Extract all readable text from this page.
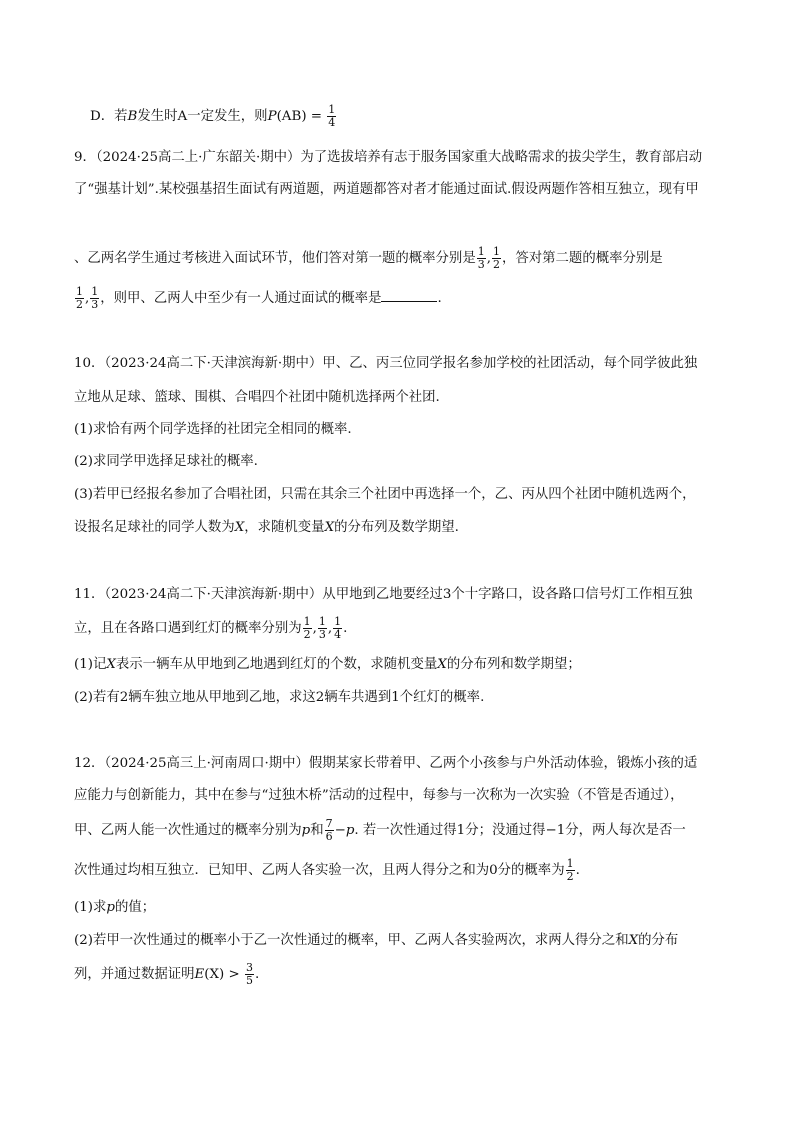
D．若B发生时A一定发生，则$P(AB) = \frac{1}{4}$
9．（2024·25高二上·广东韶关·期中）为了选拔培养有志于服务国家重大战略需求的拔尖学生，教育部启动
了“强基计划”.某校强基招生面试有两道题，两道题都答对者才能通过面试.假设两题作答相互独立，现有甲
、乙两名学生通过考核进入面试环节，他们答对第一题的概率分别是 $\frac{1}{3}$ , $\frac{1}{2}$ ，答对第二题的概率分别是
$\frac{1}{2}$ , $\frac{1}{3}$ ，则甲、乙两人中至少有一人通过面试的概率是	.
10．（2023·24高二下·天津滨海新·期中）甲、乙、丙三位同学报名参加学校的社团活动，每个同学彼此独
立地从足球、篮球、围棋、合唱四个社团中随机选择两个社团.
(1)求恰有两个同学选择的社团完全相同的概率.
(2)求同学甲选择足球社的概率.
(3)若甲已经报名参加了合唱社团，只需在其余三个社团中再选择一个，乙、丙从四个社团中随机选两个，
设报名足球社的同学人数为X，求随机变量X的分布列及数学期望.
11．（2023·24高二下·天津滨海新·期中）从甲地到乙地要经过3个十字路口，设各路口信号灯工作相互独
立，且在各路口遇到红灯的概率分别为 $\frac{1}{2}$ , $\frac{1}{3}$ , $\frac{1}{4}$ .
(1)记X表示一辆车从甲地到乙地遇到红灯的个数，求随机变量X的分布列和数学期望；
(2)若有2辆车独立地从甲地到乙地，求这2辆车共遇到1个红灯的概率.
12．（2024·25高三上·河南周口·期中）假期某家长带着甲、乙两个小孩参与户外活动体验，锻炼小孩的适
应能力与创新能力，其中在参与“过独木桥”活动的过程中，每参与一次称为一次实验（不管是否通过），
甲、乙两人能一次性通过的概率分别为p和 $\frac{7}{6} -p$. 若一次性通过得1分；没通过得−1分，两人每次是否一
次性通过均相互独立．已知甲、乙两人各实验一次，且两人得分之和为0分的概率为 $\frac{1}{2}$ .
(1)求p的值；
(2)若甲一次性通过的概率小于乙一次性通过的概率，甲、乙两人各实验两次，求两人得分之和X的分布
列，并通过数据证明$E(X) > \frac{3}{5}$ .
